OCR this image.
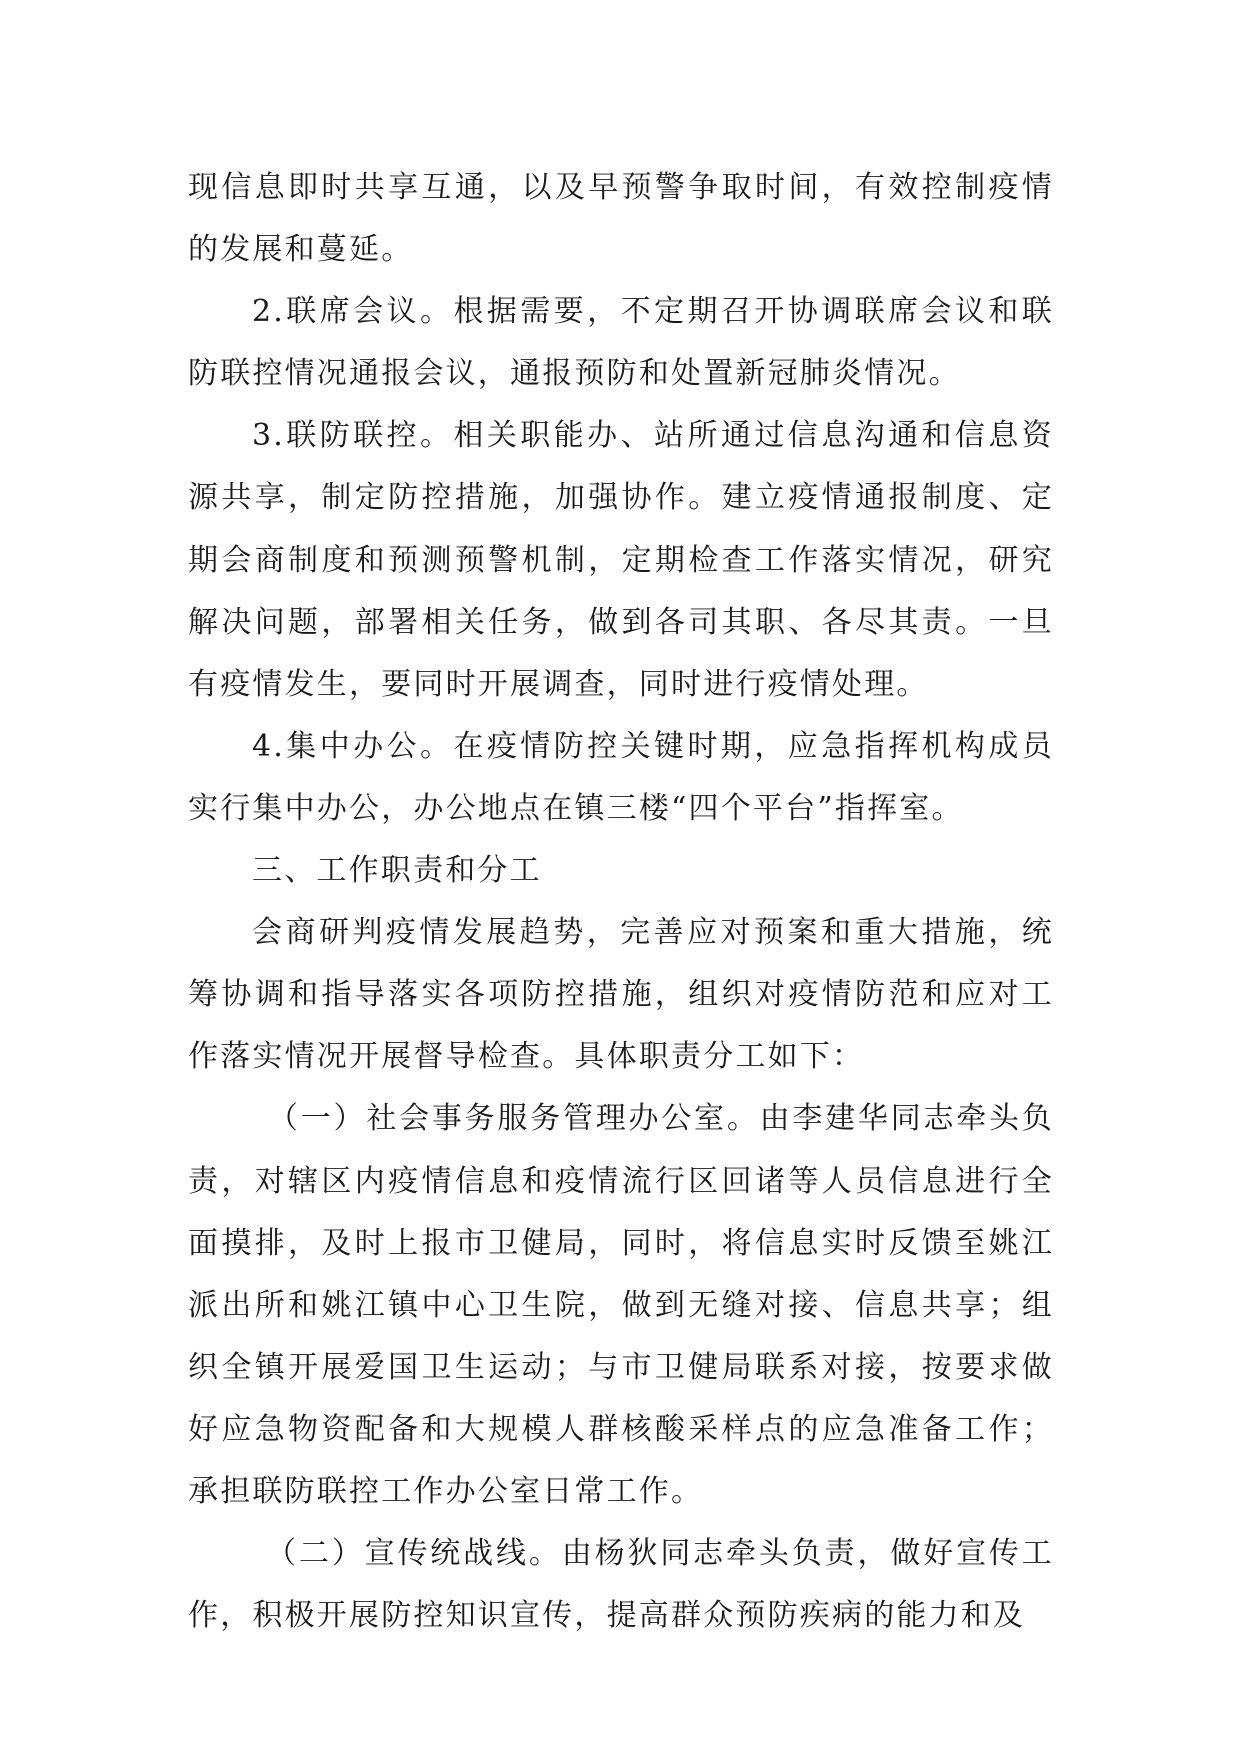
现信息即时共享互通，以及早预警争取时间，有效控制疫情的发展和蔓延。

2.联席会议。根据需要，不定期召开协调联席会议和联防联控情况通报会议，通报预防和处置新冠肺炎情况。

3.联防联控。相关职能办、站所通过信息沟通和信息资源共享，制定防控措施，加强协作。建立疫情通报制度、定期会商制度和预测预警机制，定期检查工作落实情况，研究解决问题，部署相关任务，做到各司其职、各尽其责。一旦有疫情发生，要同时开展调查，同时进行疫情处理。

4.集中办公。在疫情防控关键时期，应急指挥机构成员实行集中办公，办公地点在镇三楼“四个平台”指挥室。

三、工作职责和分工

会商研判疫情发展趋势，完善应对预案和重大措施，统筹协调和指导落实各项防控措施，组织对疫情防范和应对工作落实情况开展督导检查。具体职责分工如下：

（一）社会事务服务管理办公室。由李建华同志牵头负责，对辖区内疫情信息和疫情流行区回诸等人员信息进行全面摸排，及时上报市卫健局，同时，将信息实时反馈至姚江派出所和姚江镇中心卫生院，做到无缝对接、信息共享；组织全镇开展爱国卫生运动；与市卫健局联系对接，按要求做好应急物资配备和大规模人群核酸采样点的应急准备工作；承担联防联控工作办公室日常工作。

（二）宣传统战线。由杨狄同志牵头负责，做好宣传工作，积极开展防控知识宣传，提高群众预防疾病的能力和及
